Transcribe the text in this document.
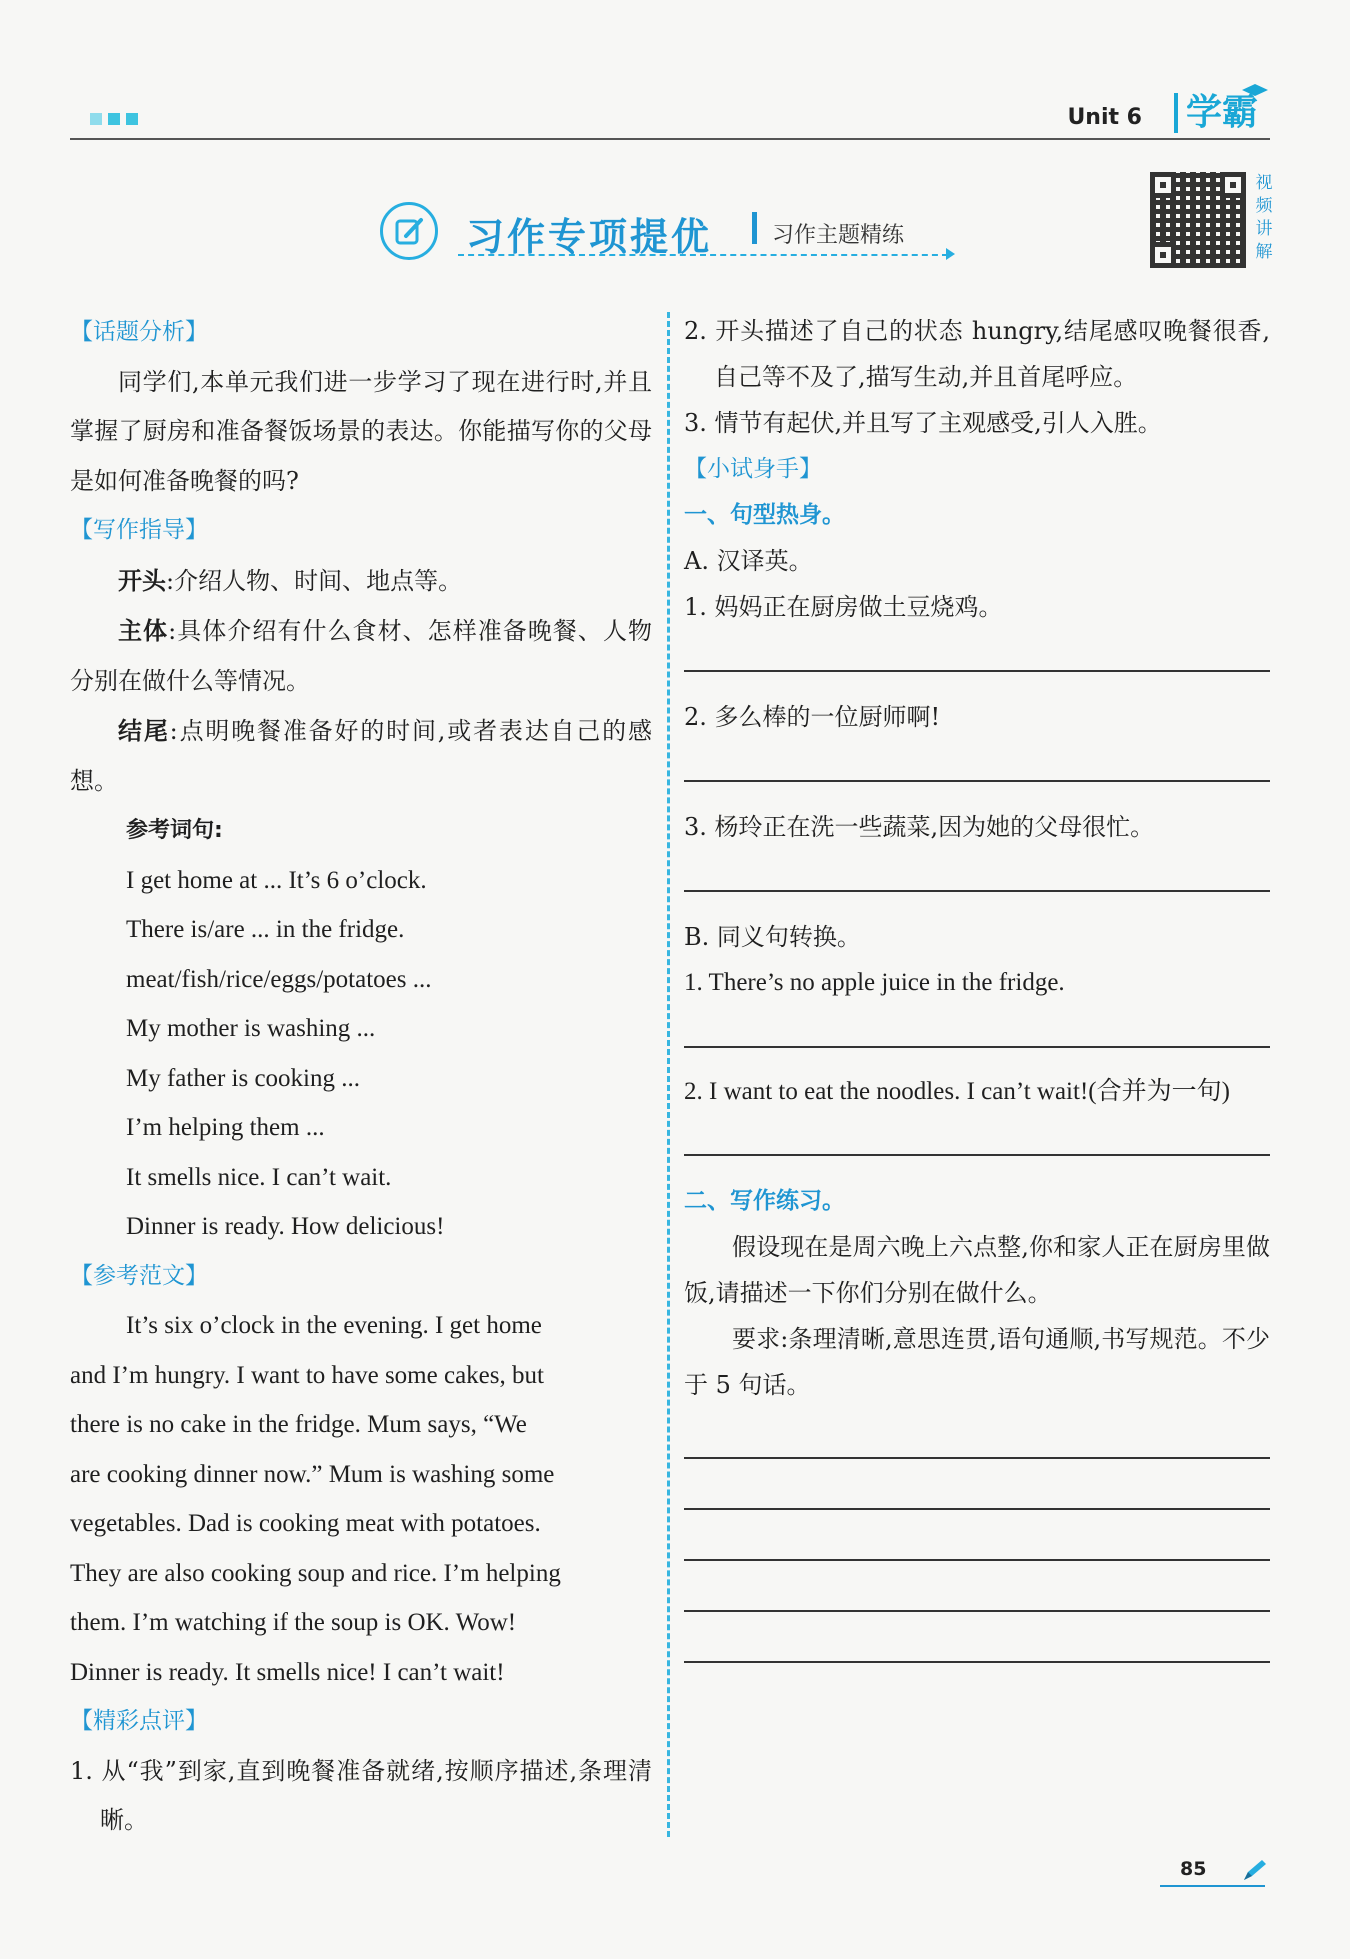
Unit 6	学霸
习作专项提优	习作主题精练
视频讲解
【话题分析】
同学们,本单元我们进一步学习了现在进行时,并且掌握了厨房和准备餐饭场景的表达。你能描写你的父母是如何准备晚餐的吗?
【写作指导】
开头:介绍人物、时间、地点等。
主体:具体介绍有什么食材、怎样准备晚餐、人物分别在做什么等情况。
结尾:点明晚餐准备好的时间,或者表达自己的感想。
参考词句:
I get home at ... It’s 6 o’clock.
There is/are ... in the fridge.
meat/fish/rice/eggs/potatoes ...
My mother is washing ...
My father is cooking ...
I’m helping them ...
It smells nice. I can’t wait.
Dinner is ready. How delicious!
【参考范文】
It’s six o’clock in the evening. I get home
and I’m hungry. I want to have some cakes, but
there is no cake in the fridge. Mum says, “We
are cooking dinner now.” Mum is washing some
vegetables. Dad is cooking meat with potatoes.
They are also cooking soup and rice. I’m helping
them. I’m watching if the soup is OK. Wow!
Dinner is ready. It smells nice! I can’t wait!
【精彩点评】
1. 从“我”到家,直到晚餐准备就绪,按顺序描述,条理清晰。
2. 开头描述了自己的状态 hungry,结尾感叹晚餐很香,自己等不及了,描写生动,并且首尾呼应。
3. 情节有起伏,并且写了主观感受,引人入胜。
【小试身手】
一、句型热身。
A. 汉译英。
1. 妈妈正在厨房做土豆烧鸡。
2. 多么棒的一位厨师啊!
3. 杨玲正在洗一些蔬菜,因为她的父母很忙。
B. 同义句转换。
1. There’s no apple juice in the fridge.
2. I want to eat the noodles. I can’t wait!(合并为一句)
二、写作练习。
假设现在是周六晚上六点整,你和家人正在厨房里做饭,请描述一下你们分别在做什么。
要求:条理清晰,意思连贯,语句通顺,书写规范。不少于 5 句话。
85
